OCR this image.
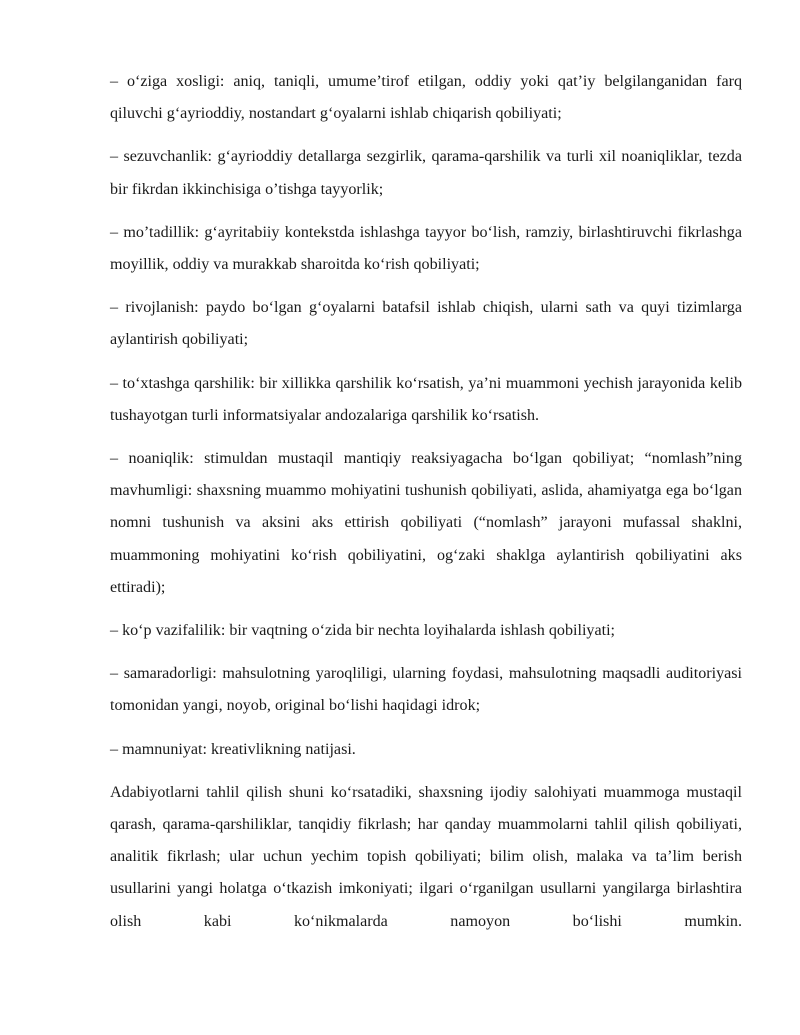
– o‘ziga xosligi: aniq, taniqli, umume’tirof etilgan, oddiy yoki qat’iy belgilanganidan farq qiluvchi g‘ayrioddiy, nostandart g‘oyalarni ishlab chiqarish qobiliyati;

– sezuvchanlik: g‘ayrioddiy detallarga sezgirlik, qarama-qarshilik va turli xil noaniqliklar, tezda bir fikrdan ikkinchisiga o’tishga tayyorlik;

– mo’tadillik: g‘ayritabiiy kontekstda ishlashga tayyor bo‘lish, ramziy, birlashtiruvchi fikrlashga moyillik, oddiy va murakkab sharoitda ko‘rish qobiliyati;

– rivojlanish: paydo bo‘lgan g‘oyalarni batafsil ishlab chiqish, ularni sath va quyi tizimlarga aylantirish qobiliyati;

– to‘xtashga qarshilik: bir xillikka qarshilik ko‘rsatish, ya’ni muammoni yechish jarayonida kelib tushayotgan turli informatsiyalar andozalariga qarshilik ko‘rsatish.

– noaniqlik: stimuldan mustaqil mantiqiy reaksiyagacha bo‘lgan qobiliyat; “nomlash”ning mavhumligi: shaxsning muammo mohiyatini tushunish qobiliyati, aslida, ahamiyatga ega bo‘lgan nomni tushunish va aksini aks ettirish qobiliyati (“nomlash” jarayoni mufassal shaklni, muammoning mohiyatini ko‘rish qobiliyatini, og‘zaki shaklga aylantirish qobiliyatini aks ettiradi);

– ko‘p vazifalilik: bir vaqtning o‘zida bir nechta loyihalarda ishlash qobiliyati;

– samaradorligi: mahsulotning yaroqliligi, ularning foydasi, mahsulotning maqsadli auditoriyasi tomonidan yangi, noyob, original bo‘lishi haqidagi idrok;

– mamnuniyat: kreativlikning natijasi.

Adabiyotlarni tahlil qilish shuni ko‘rsatadiki, shaxsning ijodiy salohiyati muammoga mustaqil qarash, qarama-qarshiliklar, tanqidiy fikrlash; har qanday muammolarni tahlil qilish qobiliyati, analitik fikrlash; ular uchun yechim topish qobiliyati; bilim olish, malaka va ta’lim berish usullarini yangi holatga o‘tkazish imkoniyati; ilgari o‘rganilgan usullarni yangilarga birlashtira olish kabi ko‘nikmalarda namoyon bo‘lishi mumkin.
